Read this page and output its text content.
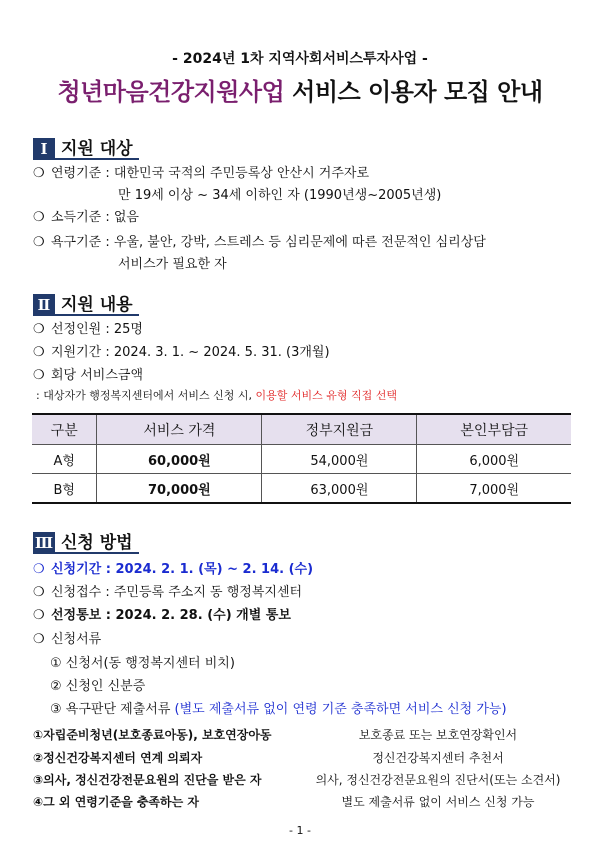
- 2024년 1차 지역사회서비스투자사업 -
청년마음건강지원사업 서비스 이용자 모집 안내
Ⅰ 지원 대상
❍ 연령기준 : 대한민국 국적의 주민등록상 안산시 거주자로
만 19세 이상 ~ 34세 이하인 자 (1990년생~2005년생)
❍ 소득기준 : 없음
❍ 욕구기준 : 우울, 불안, 강박, 스트레스 등 심리문제에 따른 전문적인 심리상담
서비스가 필요한 자
Ⅱ 지원 내용
❍ 선정인원 : 25명
❍ 지원기간 : 2024. 3. 1. ~ 2024. 5. 31. (3개월)
❍ 회당 서비스금액
: 대상자가 행정복지센터에서 서비스 신청 시, 이용할 서비스 유형 직접 선택
구분	서비스 가격	정부지원금	본인부담금
A형	60,000원	54,000원	6,000원
B형	70,000원	63,000원	7,000원
Ⅲ 신청 방법
❍ 신청기간 : 2024. 2. 1. (목) ~ 2. 14. (수)
❍ 신청접수 : 주민등록 주소지 동 행정복지센터
❍ 선정통보 : 2024. 2. 28. (수) 개별 통보
❍ 신청서류
① 신청서(동 행정복지센터 비치)
② 신청인 신분증
③ 욕구판단 제출서류 (별도 제출서류 없이 연령 기준 충족하면 서비스 신청 가능)
①자립준비청년(보호종료아동), 보호연장아동	보호종료 또는 보호연장확인서
②정신건강복지센터 연계 의뢰자	정신건강복지센터 추천서
③의사, 정신건강전문요원의 진단을 받은 자	의사, 정신건강전문요원의 진단서(또는 소견서)
④그 외 연령기준을 충족하는 자	별도 제출서류 없이 서비스 신청 가능
- 1 -
